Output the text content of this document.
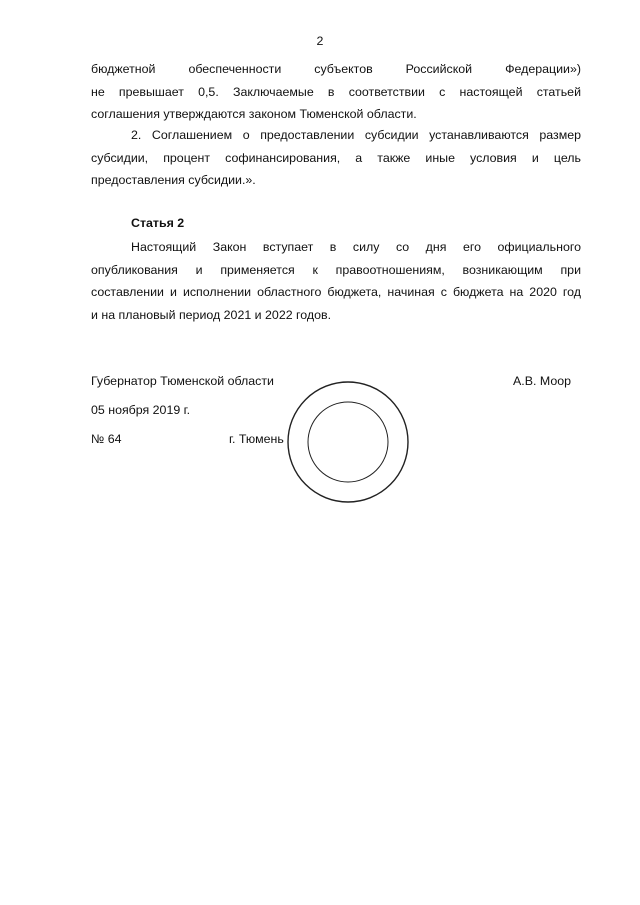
2
бюджетной обеспеченности субъектов Российской Федерации»)
не превышает 0,5. Заключаемые в соответствии с настоящей статьей
соглашения утверждаются законом Тюменской области.
2. Соглашением о предоставлении субсидии устанавливаются размер
субсидии, процент софинансирования, а также иные условия и цель
предоставления субсидии.».
Статья 2
Настоящий Закон вступает в силу со дня его официального
опубликования и применяется к правоотношениям, возникающим при
составлении и исполнении областного бюджета, начиная с бюджета на 2020 год
и на плановый период 2021 и 2022 годов.
Губернатор Тюменской области	А.В. Моор
05 ноября 2019 г.
№ 64	г. Тюмень
